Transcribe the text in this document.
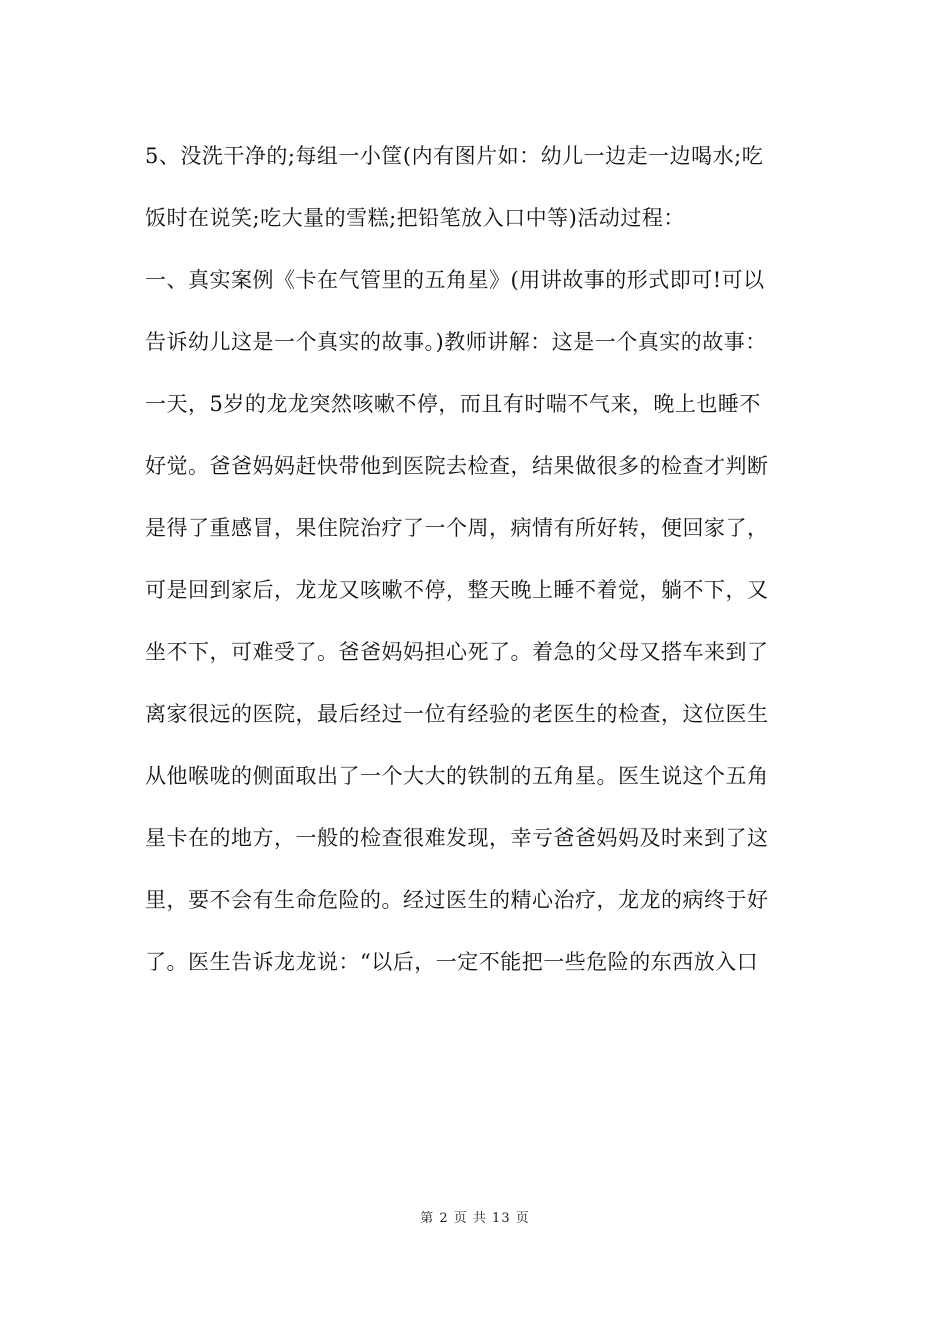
5、没洗干净的;每组一小筐(内有图片如：幼儿一边走一边喝水;吃
饭时在说笑;吃大量的雪糕;把铅笔放入口中等)活动过程：
一、真实案例《卡在气管里的五角星》(用讲故事的形式即可!可以
告诉幼儿这是一个真实的故事。)教师讲解：这是一个真实的故事：
一天，5岁的龙龙突然咳嗽不停，而且有时喘不气来，晚上也睡不
好觉。爸爸妈妈赶快带他到医院去检查，结果做很多的检查才判断
是得了重感冒，果住院治疗了一个周，病情有所好转，便回家了，
可是回到家后，龙龙又咳嗽不停，整天晚上睡不着觉，躺不下，又
坐不下，可难受了。爸爸妈妈担心死了。着急的父母又搭车来到了
离家很远的医院，最后经过一位有经验的老医生的检查，这位医生
从他喉咙的侧面取出了一个大大的铁制的五角星。医生说这个五角
星卡在的地方，一般的检查很难发现，幸亏爸爸妈妈及时来到了这
里，要不会有生命危险的。经过医生的精心治疗，龙龙的病终于好
了。医生告诉龙龙说：“以后，一定不能把一些危险的东西放入口
第 2 页 共 13 页
